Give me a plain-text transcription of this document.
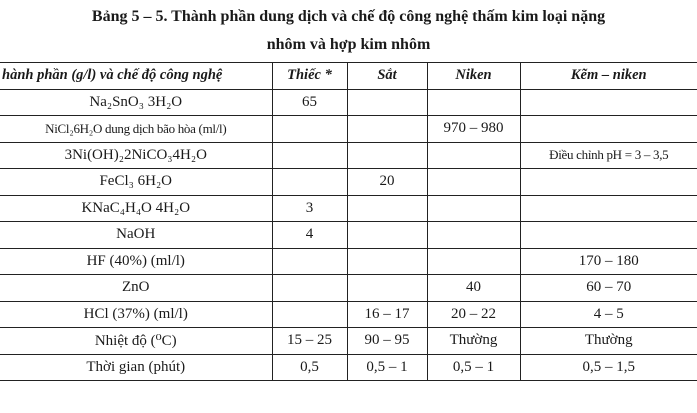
Bảng 5 – 5. Thành phần dung dịch và chế độ công nghệ thấm kim loại nặng
nhôm và hợp kim nhôm
hành phần (g/l) và chế độ công nghệ	Thiếc *	Sắt	Niken	Kẽm – niken
Na₂SnO₃ 3H₂O	65			
NiCl₂6H₂O dung dịch bão hòa (ml/l)			970 – 980	
3Ni(OH)₂2NiCO₃4H₂O				Điều chỉnh pH = 3 – 3,5
FeCl₃ 6H₂O		20		
KNaC₄H₄O 4H₂O	3			
NaOH	4			
HF (40%) (ml/l)				170 – 180
ZnO			40	60 – 70
HCl (37%) (ml/l)		16 – 17	20 – 22	4 – 5
Nhiệt độ (⁰C)	15 – 25	90 – 95	Thường	Thường
Thời gian (phút)	0,5	0,5 – 1	0,5 – 1	0,5 – 1,5
